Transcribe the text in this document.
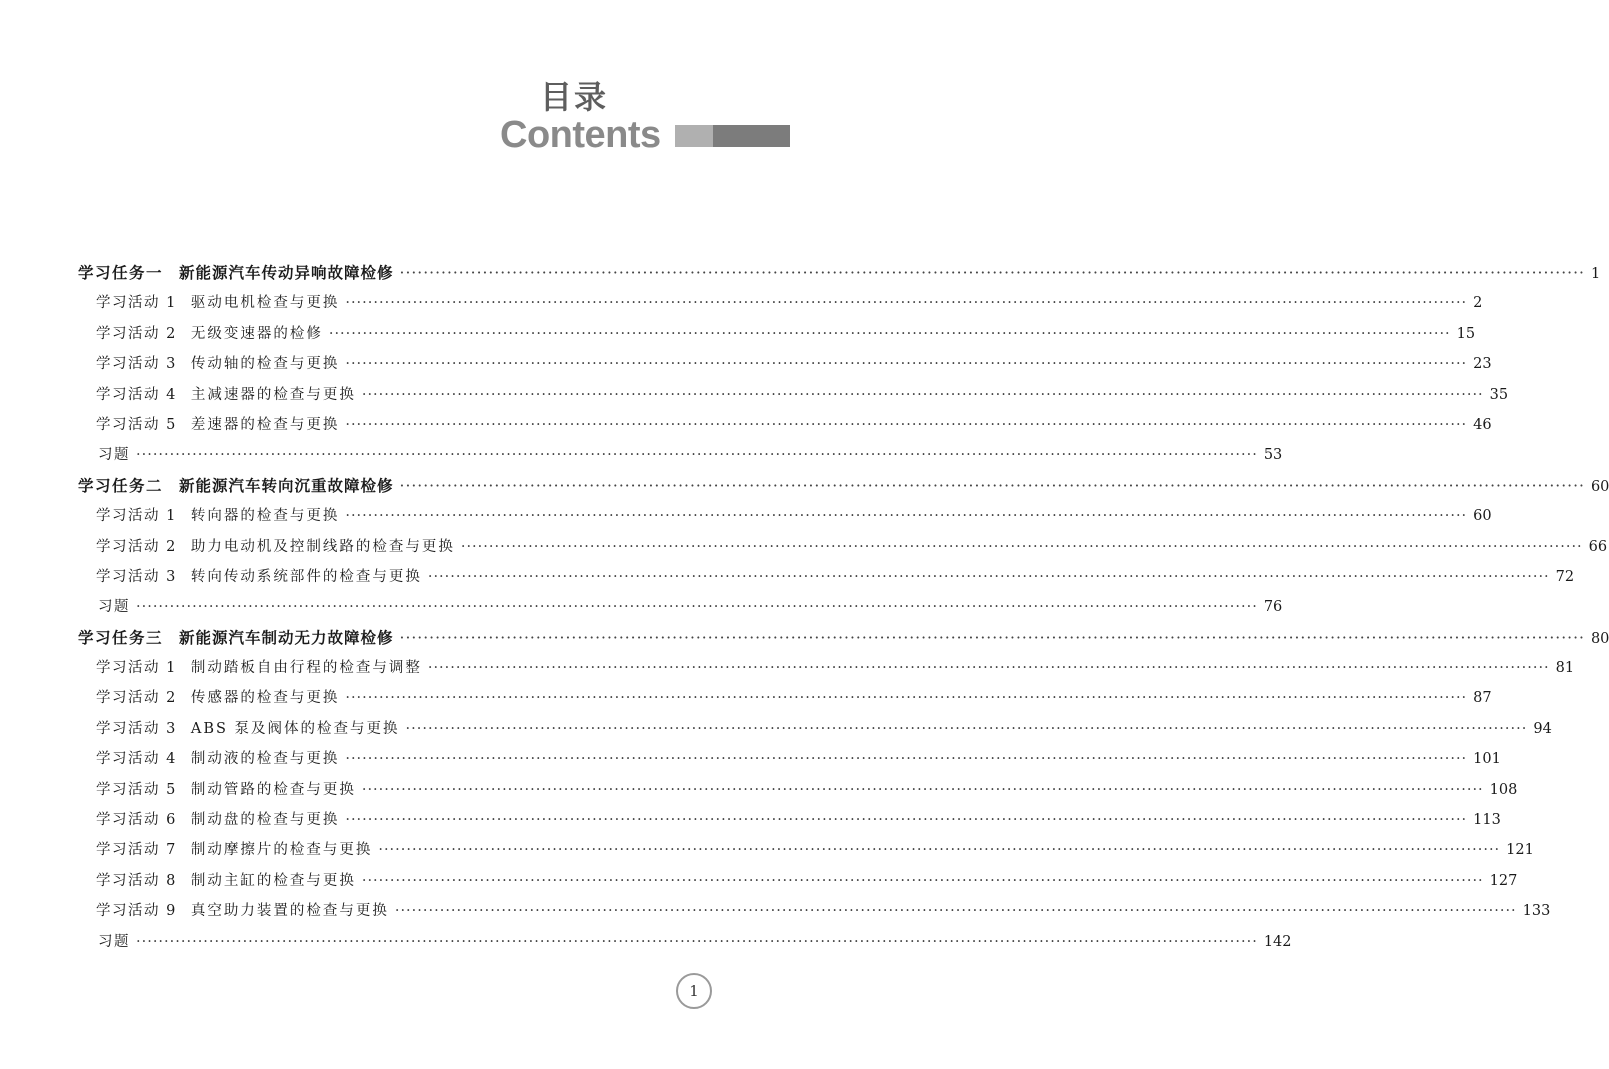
目录
Contents
学习任务一 新能源汽车传动异响故障检修 ········································································································································································································ 1
学习活动 1 驱动电机检查与更换 ········································································································································································································ 2
学习活动 2 无级变速器的检修 ········································································································································································································ 15
学习活动 3 传动轴的检查与更换 ········································································································································································································ 23
学习活动 4 主减速器的检查与更换 ········································································································································································································ 35
学习活动 5 差速器的检查与更换 ········································································································································································································ 46
习题 ········································································································································································································ 53
学习任务二 新能源汽车转向沉重故障检修 ········································································································································································································ 60
学习活动 1 转向器的检查与更换 ········································································································································································································ 60
学习活动 2 助力电动机及控制线路的检查与更换 ········································································································································································································ 66
学习活动 3 转向传动系统部件的检查与更换 ········································································································································································································ 72
习题 ········································································································································································································ 76
学习任务三 新能源汽车制动无力故障检修 ········································································································································································································ 80
学习活动 1 制动踏板自由行程的检查与调整 ········································································································································································································ 81
学习活动 2 传感器的检查与更换 ········································································································································································································ 87
学习活动 3 ABS 泵及阀体的检查与更换 ········································································································································································································ 94
学习活动 4 制动液的检查与更换 ········································································································································································································ 101
学习活动 5 制动管路的检查与更换 ········································································································································································································ 108
学习活动 6 制动盘的检查与更换 ········································································································································································································ 113
学习活动 7 制动摩擦片的检查与更换 ········································································································································································································ 121
学习活动 8 制动主缸的检查与更换 ········································································································································································································ 127
学习活动 9 真空助力装置的检查与更换 ········································································································································································································ 133
习题 ········································································································································································································ 142
1
